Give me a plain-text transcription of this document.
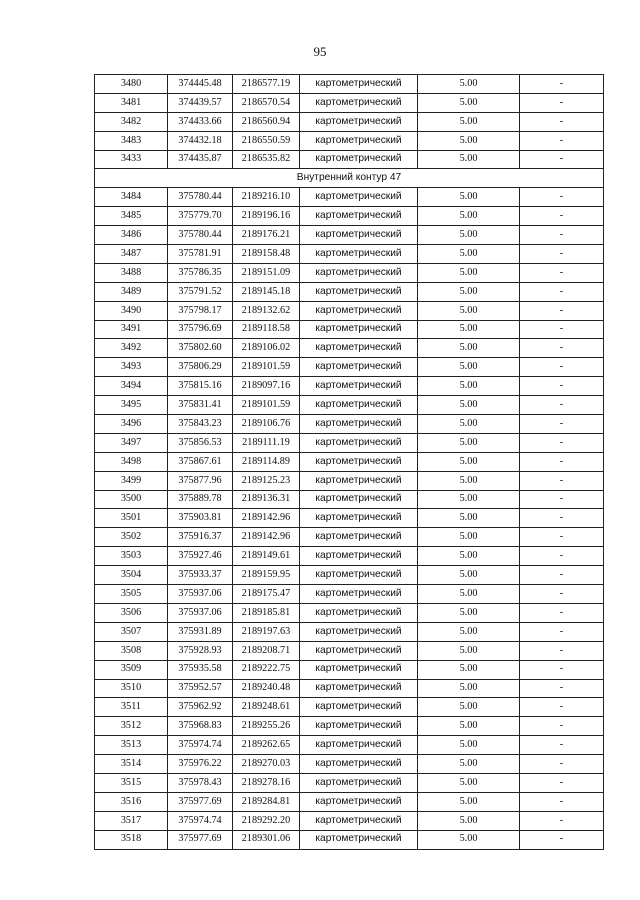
95
3480	374445.48	2186577.19	картометрический	5.00	-
3481	374439.57	2186570.54	картометрический	5.00	-
3482	374433.66	2186560.94	картометрический	5.00	-
3483	374432.18	2186550.59	картометрический	5.00	-
3433	374435.87	2186535.82	картометрический	5.00	-
Внутренний контур 47					
3484	375780.44	2189216.10	картометрический	5.00	-
3485	375779.70	2189196.16	картометрический	5.00	-
3486	375780.44	2189176.21	картометрический	5.00	-
3487	375781.91	2189158.48	картометрический	5.00	-
3488	375786.35	2189151.09	картометрический	5.00	-
3489	375791.52	2189145.18	картометрический	5.00	-
3490	375798.17	2189132.62	картометрический	5.00	-
3491	375796.69	2189118.58	картометрический	5.00	-
3492	375802.60	2189106.02	картометрический	5.00	-
3493	375806.29	2189101.59	картометрический	5.00	-
3494	375815.16	2189097.16	картометрический	5.00	-
3495	375831.41	2189101.59	картометрический	5.00	-
3496	375843.23	2189106.76	картометрический	5.00	-
3497	375856.53	2189111.19	картометрический	5.00	-
3498	375867.61	2189114.89	картометрический	5.00	-
3499	375877.96	2189125.23	картометрический	5.00	-
3500	375889.78	2189136.31	картометрический	5.00	-
3501	375903.81	2189142.96	картометрический	5.00	-
3502	375916.37	2189142.96	картометрический	5.00	-
3503	375927.46	2189149.61	картометрический	5.00	-
3504	375933.37	2189159.95	картометрический	5.00	-
3505	375937.06	2189175.47	картометрический	5.00	-
3506	375937.06	2189185.81	картометрический	5.00	-
3507	375931.89	2189197.63	картометрический	5.00	-
3508	375928.93	2189208.71	картометрический	5.00	-
3509	375935.58	2189222.75	картометрический	5.00	-
3510	375952.57	2189240.48	картометрический	5.00	-
3511	375962.92	2189248.61	картометрический	5.00	-
3512	375968.83	2189255.26	картометрический	5.00	-
3513	375974.74	2189262.65	картометрический	5.00	-
3514	375976.22	2189270.03	картометрический	5.00	-
3515	375978.43	2189278.16	картометрический	5.00	-
3516	375977.69	2189284.81	картометрический	5.00	-
3517	375974.74	2189292.20	картометрический	5.00	-
3518	375977.69	2189301.06	картометрический	5.00	-
